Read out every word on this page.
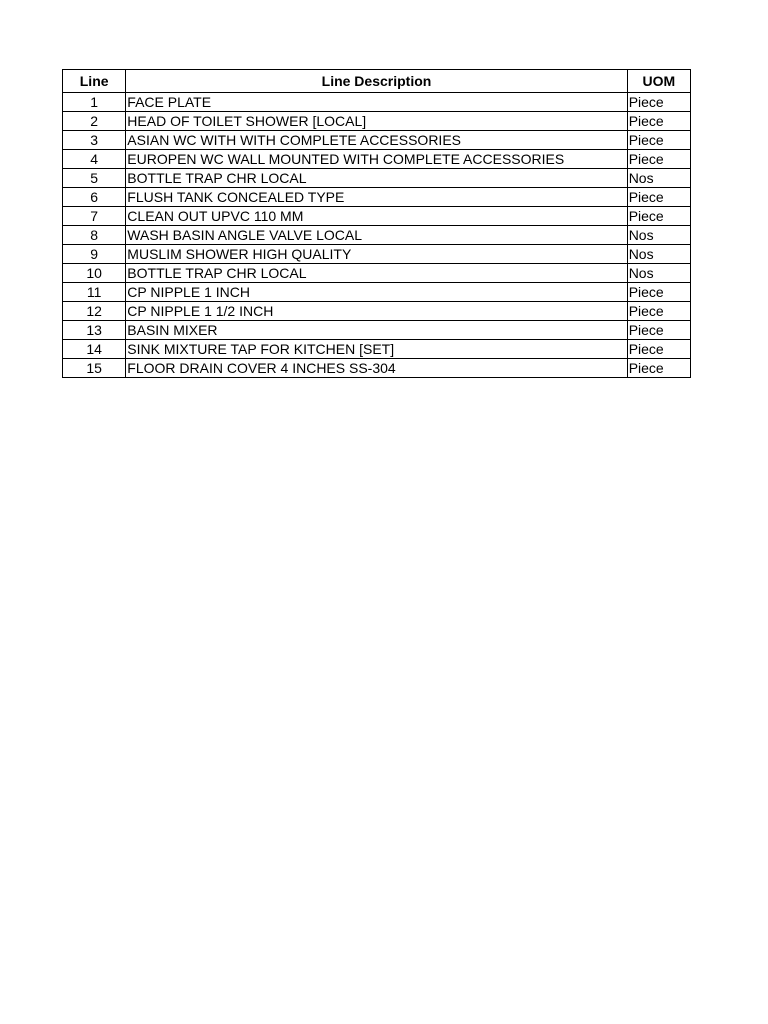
Line	Line Description	UOM
1	FACE PLATE	Piece
2	HEAD OF TOILET SHOWER [LOCAL]	Piece
3	ASIAN WC WITH WITH COMPLETE ACCESSORIES	Piece
4	EUROPEN WC WALL MOUNTED WITH COMPLETE ACCESSORIES	Piece
5	BOTTLE TRAP CHR LOCAL	Nos
6	FLUSH TANK CONCEALED TYPE	Piece
7	CLEAN OUT UPVC 110 MM	Piece
8	WASH BASIN ANGLE VALVE LOCAL	Nos
9	MUSLIM SHOWER HIGH QUALITY	Nos
10	BOTTLE TRAP CHR LOCAL	Nos
11	CP NIPPLE 1 INCH	Piece
12	CP NIPPLE 1 1/2 INCH	Piece
13	BASIN MIXER	Piece
14	SINK MIXTURE TAP FOR KITCHEN [SET]	Piece
15	FLOOR DRAIN COVER 4 INCHES SS-304	Piece
